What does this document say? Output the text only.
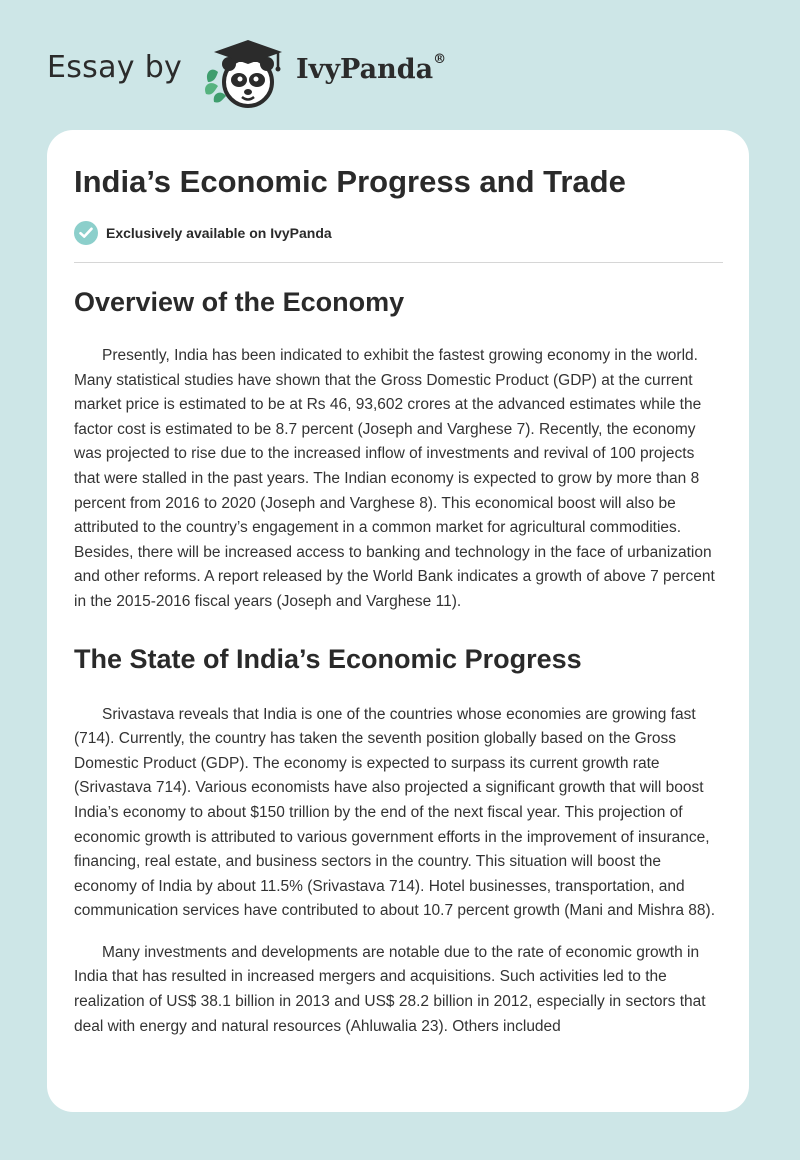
Essay by	IvyPanda®
India’s Economic Progress and Trade
Exclusively available on IvyPanda
Overview of the Economy

Presently, India has been indicated to exhibit the fastest growing economy in the world. Many statistical studies have shown that the Gross Domestic Product (GDP) at the current market price is estimated to be at Rs 46, 93,602 crores at the advanced estimates while the factor cost is estimated to be 8.7 percent (Joseph and Varghese 7). Recently, the economy was projected to rise due to the increased inflow of investments and revival of 100 projects that were stalled in the past years. The Indian economy is expected to grow by more than 8 percent from 2016 to 2020 (Joseph and Varghese 8). This economical boost will also be attributed to the country’s engagement in a common market for agricultural commodities. Besides, there will be increased access to banking and technology in the face of urbanization and other reforms. A report released by the World Bank indicates a growth of above 7 percent in the 2015-2016 fiscal years (Joseph and Varghese 11).

The State of India’s Economic Progress

Srivastava reveals that India is one of the countries whose economies are growing fast (714). Currently, the country has taken the seventh position globally based on the Gross Domestic Product (GDP). The economy is expected to surpass its current growth rate (Srivastava 714). Various economists have also projected a significant growth that will boost India’s economy to about $150 trillion by the end of the next fiscal year. This projection of economic growth is attributed to various government efforts in the improvement of insurance, financing, real estate, and business sectors in the country. This situation will boost the economy of India by about 11.5% (Srivastava 714). Hotel businesses, transportation, and communication services have contributed to about 10.7 percent growth (Mani and Mishra 88).

Many investments and developments are notable due to the rate of economic growth in India that has resulted in increased mergers and acquisitions. Such activities led to the realization of US$ 38.1 billion in 2013 and US$ 28.2 billion in 2012, especially in sectors that deal with energy and natural resources (Ahluwalia 23). Others included
